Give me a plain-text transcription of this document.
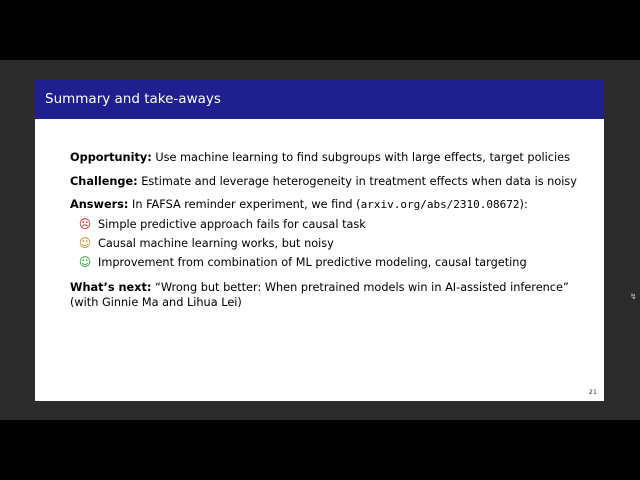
Summary and take-aways
Opportunity: Use machine learning to find subgroups with large effects, target policies
Challenge: Estimate and leverage heterogeneity in treatment effects when data is noisy
Answers: In FAFSA reminder experiment, we find (arxiv.org/abs/2310.08672):
☹ Simple predictive approach fails for causal task
☺ Causal machine learning works, but noisy
☺ Improvement from combination of ML predictive modeling, causal targeting
What’s next: “Wrong but better: When pretrained models win in AI-assisted inference”
(with Ginnie Ma and Lihua Lei)
21
↯
